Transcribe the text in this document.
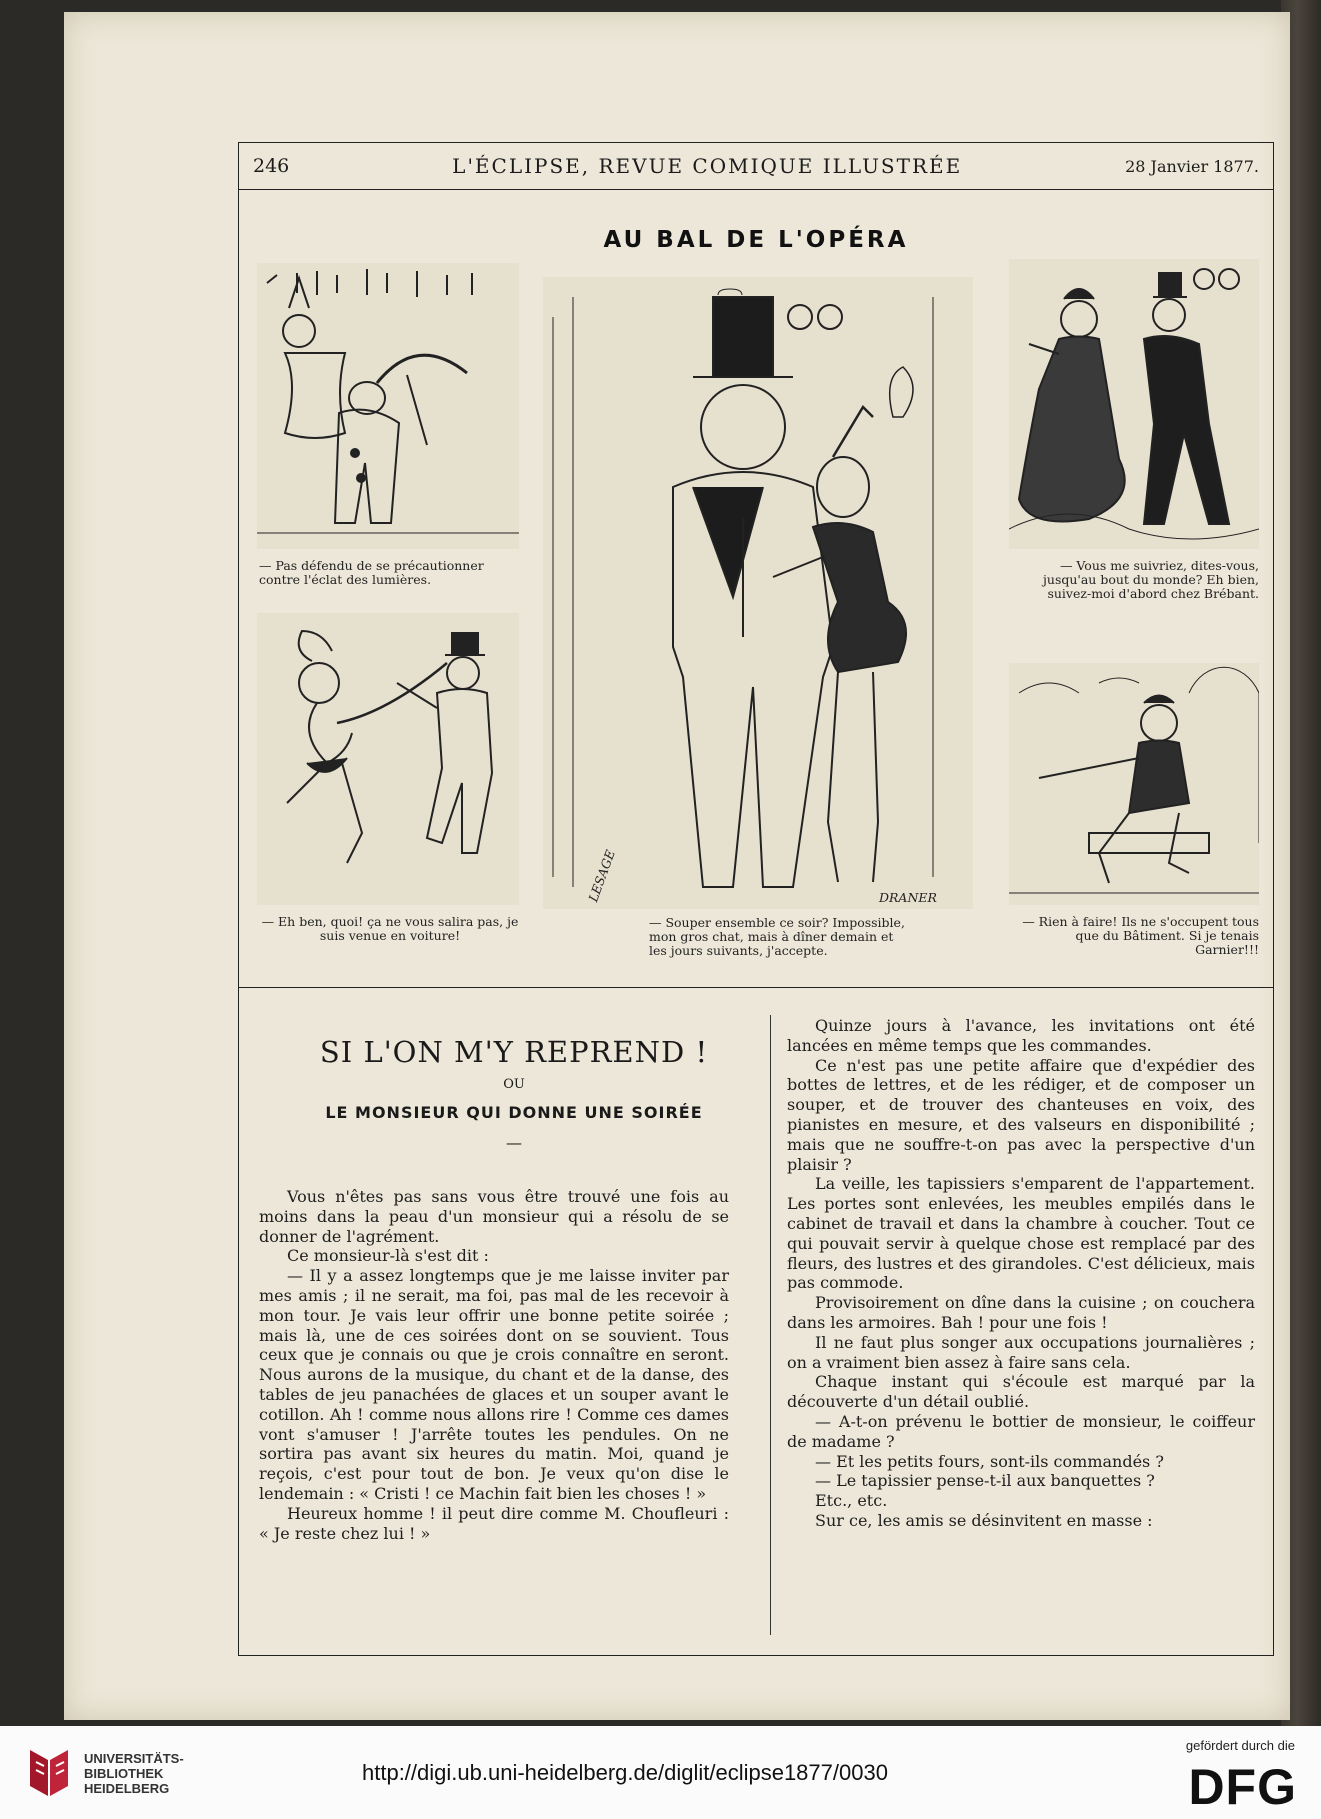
246	L'ÉCLIPSE, REVUE COMIQUE ILLUSTRÉE	28 Janvier 1877.
AU BAL DE L'OPÉRA
— Pas défendu de se précautionner contre l'éclat des lumières.
— Eh ben, quoi! ça ne vous salira pas, je suis venue en voiture!
— Souper ensemble ce soir? Impossible, mon gros chat, mais à dîner demain et les jours suivants, j'accepte.
LESAGE	DRANER
— Vous me suivriez, dites-vous, jusqu'au bout du monde? Eh bien, suivez-moi d'abord chez Brébant.
— Rien à faire! Ils ne s'occupent tous que du Bâtiment. Si je tenais Garnier!!!
SI L'ON M'Y REPREND !
OU
LE MONSIEUR QUI DONNE UNE SOIRÉE
—

Vous n'êtes pas sans vous être trouvé une fois au moins dans la peau d'un monsieur qui a résolu de se donner de l'agrément.

Ce monsieur-là s'est dit :

— Il y a assez longtemps que je me laisse inviter par mes amis ; il ne serait, ma foi, pas mal de les recevoir à mon tour. Je vais leur offrir une bonne petite soirée ; mais là, une de ces soirées dont on se souvient. Tous ceux que je connais ou que je crois connaître en seront. Nous aurons de la musique, du chant et de la danse, des tables de jeu panachées de glaces et un souper avant le cotillon. Ah ! comme nous allons rire ! Comme ces dames vont s'amuser ! J'arrête toutes les pendules. On ne sortira pas avant six heures du matin. Moi, quand je reçois, c'est pour tout de bon. Je veux qu'on dise le lendemain : « Cristi ! ce Machin fait bien les choses ! »

Heureux homme ! il peut dire comme M. Choufleuri : « Je reste chez lui ! »

Quinze jours à l'avance, les invitations ont été lancées en même temps que les commandes.

Ce n'est pas une petite affaire que d'expédier des bottes de lettres, et de les rédiger, et de composer un souper, et de trouver des chanteuses en voix, des pianistes en mesure, et des valseurs en disponibilité ; mais que ne souffre-t-on pas avec la perspective d'un plaisir ?

La veille, les tapissiers s'emparent de l'appartement. Les portes sont enlevées, les meubles empilés dans le cabinet de travail et dans la chambre à coucher. Tout ce qui pouvait servir à quelque chose est remplacé par des fleurs, des lustres et des girandoles. C'est délicieux, mais pas commode.

Provisoirement on dîne dans la cuisine ; on couchera dans les armoires. Bah ! pour une fois !

Il ne faut plus songer aux occupations journalières ; on a vraiment bien assez à faire sans cela.

Chaque instant qui s'écoule est marqué par la découverte d'un détail oublié.

— A-t-on prévenu le bottier de monsieur, le coiffeur de madame ?

— Et les petits fours, sont-ils commandés ?

— Le tapissier pense-t-il aux banquettes ?

Etc., etc.

Sur ce, les amis se désinvitent en masse :

UNIVERSITÄTS-
BIBLIOTHEK
HEIDELBERG
http://digi.ub.uni-heidelberg.de/diglit/eclipse1877/0030
gefördert durch die
DFG
